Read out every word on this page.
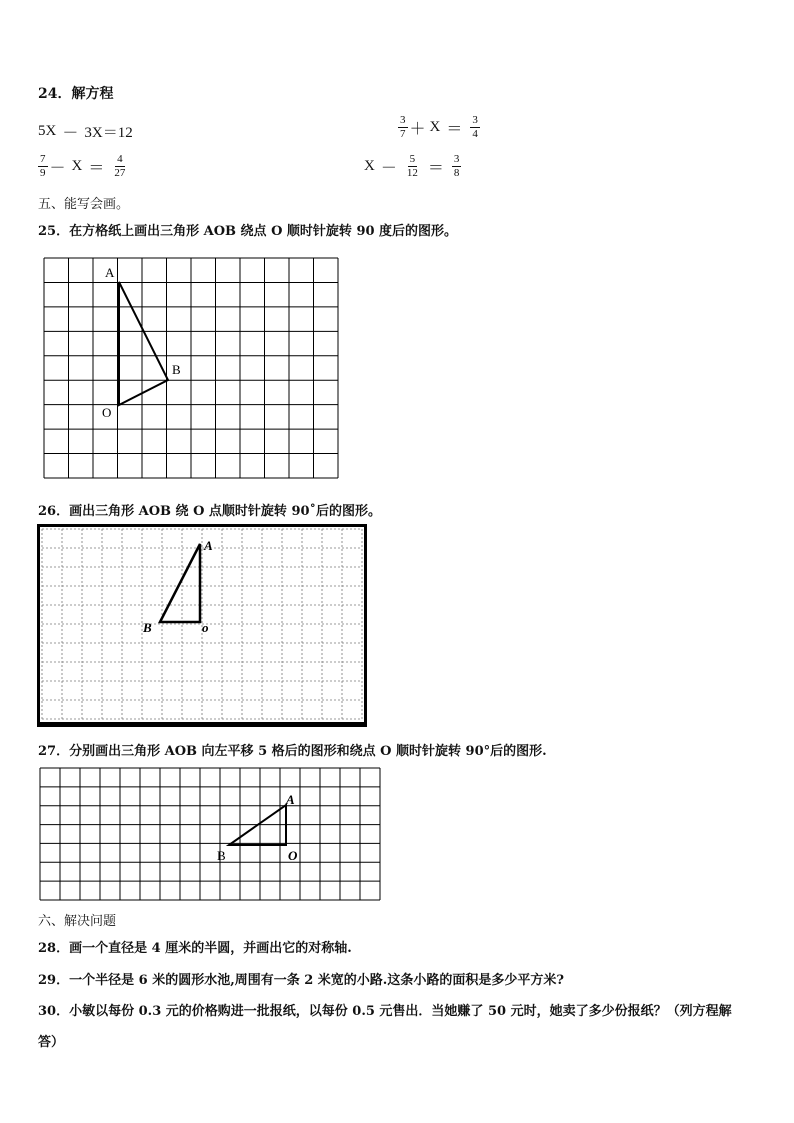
24．解方程
5X － 3X＝12	$\frac{3}{7} + X = \frac{3}{4}$
$\frac{7}{9} - X = \frac{4}{27}$	$X - \frac{5}{12} = \frac{3}{8}$
五、能写会画。
25．在方格纸上画出三角形 AOB 绕点 O 顺时针旋转 90 度后的图形。
A
B
O
26．画出三角形 AOB 绕 O 点顺时针旋转 90˚后的图形。
A
B	o
27．分别画出三角形 AOB 向左平移 5 格后的图形和绕点 O 顺时针旋转 90°后的图形.
A
B	O
六、解决问题
28．画一个直径是 4 厘米的半圆，并画出它的对称轴.
29．一个半径是 6 米的圆形水池,周围有一条 2 米宽的小路.这条小路的面积是多少平方米?
30．小敏以每份 0.3 元的价格购进一批报纸，以每份 0.5 元售出．当她赚了 50 元时，她卖了多少份报纸？（列方程解
答）
